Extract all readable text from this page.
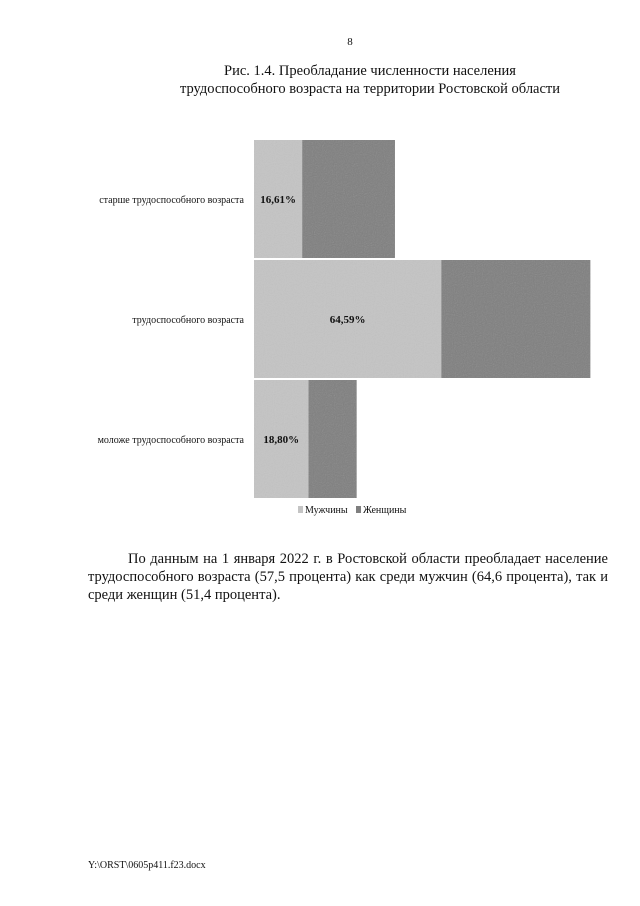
8
Рис. 1.4. Преобладание численности населения
трудоспособного возраста на территории Ростовской области
16,61%
64,59%
18,80%
старше трудоспособного возраста
трудоспособного возраста
моложе трудоспособного возраста
Мужчины Женщины
По данным на 1 января 2022 г. в Ростовской области преобладает население трудоспособного возраста (57,5 процента) как среди мужчин (64,6 процента), так и среди женщин (51,4 процента).
Y:\ORST\0605p411.f23.docx
